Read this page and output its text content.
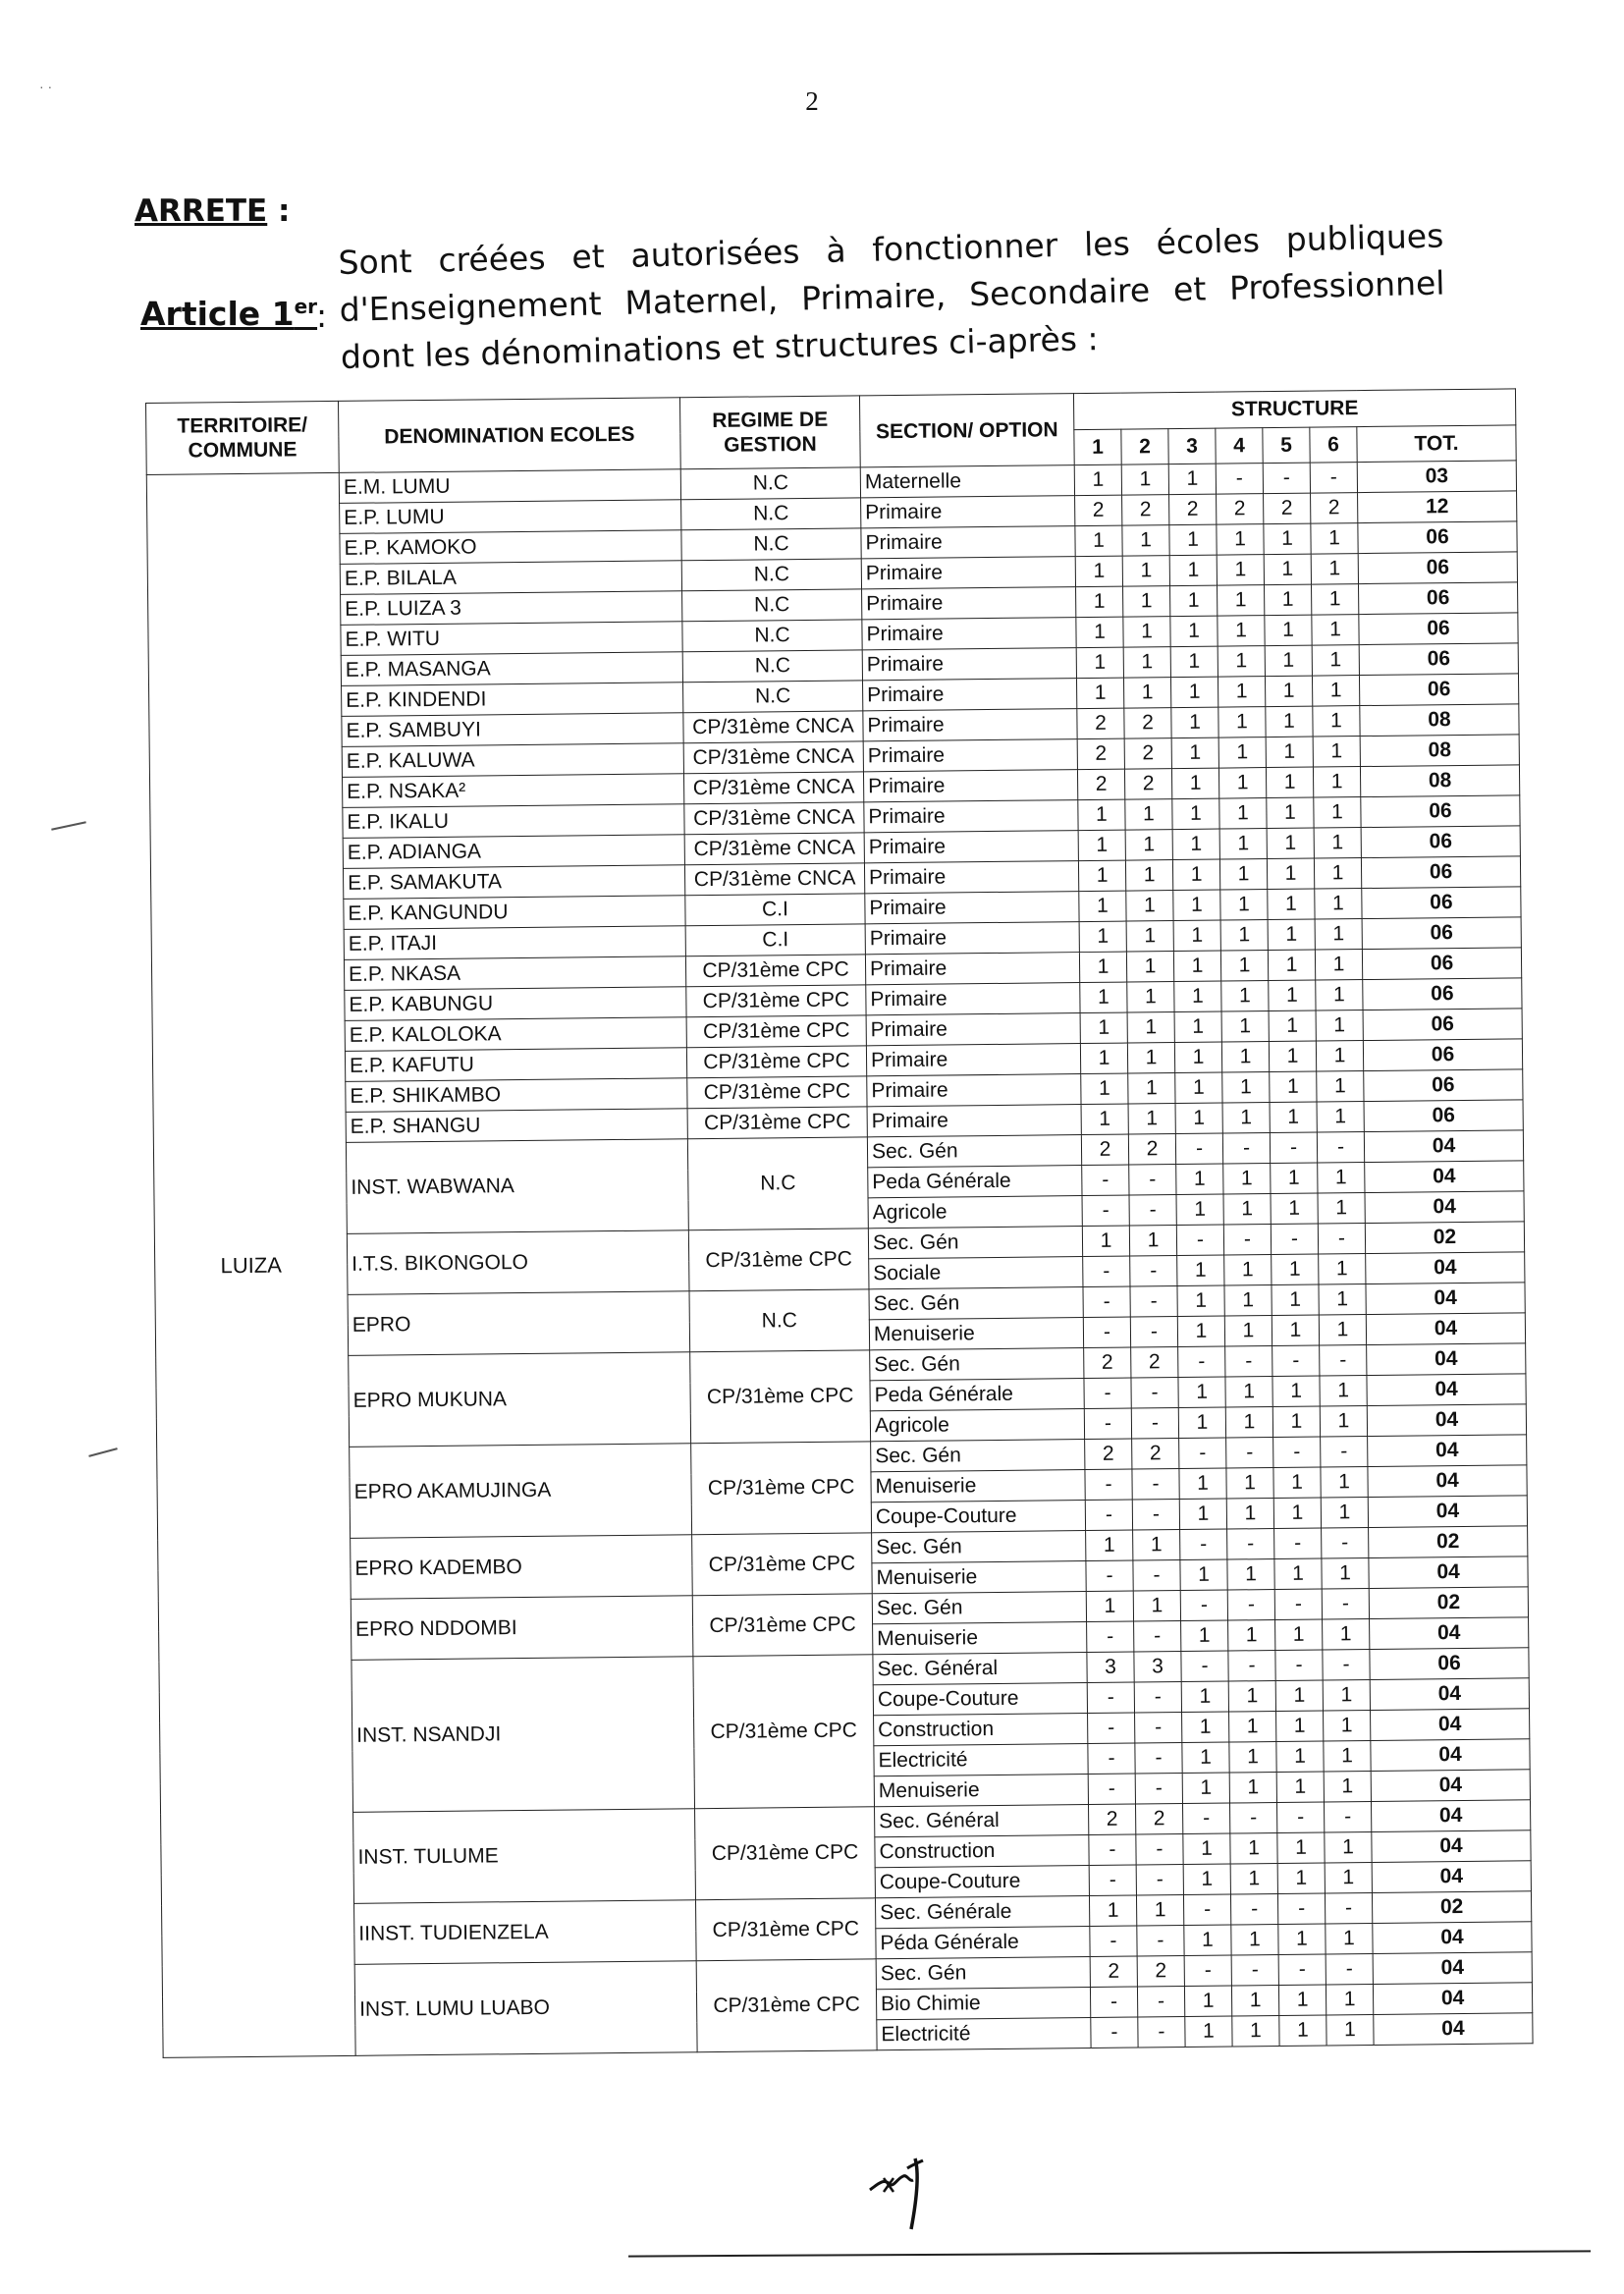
· ·	2
ARRETE :
Article 1er
:
Sont créées et autorisées à fonctionner les écoles publiques d'Enseignement Maternel, Primaire, Secondaire et Professionnel dont les dénominations et structures ci-après :
TERRITOIRE/ COMMUNE	DENOMINATION ECOLES	REGIME DE GESTION	SECTION/ OPTION	STRUCTURE						
				1	2	3	4	5	6	TOT.
LUIZA	E.M. LUMU	N.C	Maternelle	1	1	1	-	-	-	03
	E.P. LUMU	N.C	Primaire	2	2	2	2	2	2	12
	E.P. KAMOKO	N.C	Primaire	1	1	1	1	1	1	06
	E.P. BILALA	N.C	Primaire	1	1	1	1	1	1	06
	E.P. LUIZA 3	N.C	Primaire	1	1	1	1	1	1	06
	E.P. WITU	N.C	Primaire	1	1	1	1	1	1	06
	E.P. MASANGA	N.C	Primaire	1	1	1	1	1	1	06
	E.P. KINDENDI	N.C	Primaire	1	1	1	1	1	1	06
	E.P. SAMBUYI	CP/31ème CNCA	Primaire	2	2	1	1	1	1	08
	E.P. KALUWA	CP/31ème CNCA	Primaire	2	2	1	1	1	1	08
	E.P. NSAKA²	CP/31ème CNCA	Primaire	2	2	1	1	1	1	08
	E.P. IKALU	CP/31ème CNCA	Primaire	1	1	1	1	1	1	06
	E.P. ADIANGA	CP/31ème CNCA	Primaire	1	1	1	1	1	1	06
	E.P. SAMAKUTA	CP/31ème CNCA	Primaire	1	1	1	1	1	1	06
	E.P. KANGUNDU	C.I	Primaire	1	1	1	1	1	1	06
	E.P. ITAJI	C.I	Primaire	1	1	1	1	1	1	06
	E.P. NKASA	CP/31ème CPC	Primaire	1	1	1	1	1	1	06
	E.P. KABUNGU	CP/31ème CPC	Primaire	1	1	1	1	1	1	06
	E.P. KALOLOKA	CP/31ème CPC	Primaire	1	1	1	1	1	1	06
	E.P. KAFUTU	CP/31ème CPC	Primaire	1	1	1	1	1	1	06
	E.P. SHIKAMBO	CP/31ème CPC	Primaire	1	1	1	1	1	1	06
	E.P. SHANGU	CP/31ème CPC	Primaire	1	1	1	1	1	1	06
	INST. WABWANA	N.C	Sec. Gén	2	2	-	-	-	-	04
			Peda Générale	-	-	1	1	1	1	04
			Agricole	-	-	1	1	1	1	04
	I.T.S. BIKONGOLO	CP/31ème CPC	Sec. Gén	1	1	-	-	-	-	02
			Sociale	-	-	1	1	1	1	04
	EPRO	N.C	Sec. Gén	-	-	1	1	1	1	04
			Menuiserie	-	-	1	1	1	1	04
	EPRO MUKUNA	CP/31ème CPC	Sec. Gén	2	2	-	-	-	-	04
			Peda Générale	-	-	1	1	1	1	04
			Agricole	-	-	1	1	1	1	04
	EPRO AKAMUJINGA	CP/31ème CPC	Sec. Gén	2	2	-	-	-	-	04
			Menuiserie	-	-	1	1	1	1	04
			Coupe-Couture	-	-	1	1	1	1	04
	EPRO KADEMBO	CP/31ème CPC	Sec. Gén	1	1	-	-	-	-	02
			Menuiserie	-	-	1	1	1	1	04
	EPRO NDDOMBI	CP/31ème CPC	Sec. Gén	1	1	-	-	-	-	02
			Menuiserie	-	-	1	1	1	1	04
	INST. NSANDJI	CP/31ème CPC	Sec. Général	3	3	-	-	-	-	06
			Coupe-Couture	-	-	1	1	1	1	04
			Construction	-	-	1	1	1	1	04
			Electricité	-	-	1	1	1	1	04
			Menuiserie	-	-	1	1	1	1	04
	INST. TULUME	CP/31ème CPC	Sec. Général	2	2	-	-	-	-	04
			Construction	-	-	1	1	1	1	04
			Coupe-Couture	-	-	1	1	1	1	04
	IINST. TUDIENZELA	CP/31ème CPC	Sec. Générale	1	1	-	-	-	-	02
			Péda Générale	-	-	1	1	1	1	04
	INST. LUMU LUABO	CP/31ème CPC	Sec. Gén	2	2	-	-	-	-	04
			Bio Chimie	-	-	1	1	1	1	04
			Electricité	-	-	1	1	1	1	04
